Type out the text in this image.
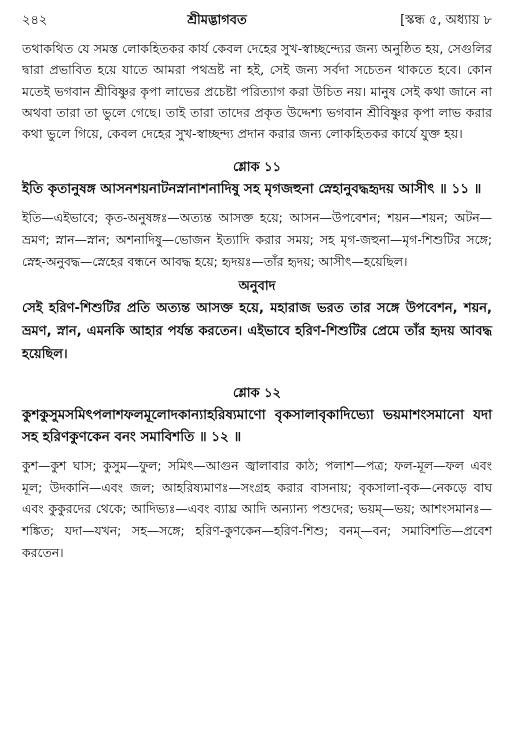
২৪২	শ্রীমদ্ভাগবত	[স্কন্ধ ৫, অধ্যায় ৮

তথাকথিত যে সমস্ত লোকহিতকর কার্য কেবল দেহের সুখ-স্বাচ্ছন্দ্যের জন্য অনুষ্ঠিত হয়, সেগুলির দ্বারা প্রভাবিত হয়ে যাতে আমরা পথভ্রষ্ট না হই, সেই জন্য সর্বদা সচেতন থাকতে হবে। কোন মতেই ভগবান শ্রীবিষ্ণুর কৃপা লাভের প্রচেষ্টা পরিত্যাগ করা উচিত নয়। মানুষ সেই কথা জানে না অথবা তারা তা ভুলে গেছে। তাই তারা তাদের প্রকৃত উদ্দেশ্য ভগবান শ্রীবিষ্ণুর কৃপা লাভ করার কথা ভুলে গিয়ে, কেবল দেহের সুখ-স্বাচ্ছন্দ্য প্রদান করার জন্য লোকহিতকর কার্যে যুক্ত হয়।

শ্লোক ১১

ইতি কৃতানুষঙ্গ আসনশয়নাটনস্নানাশনাদিষু সহ মৃগজহুনা স্নেহানুবদ্ধহৃদয় আসীৎ ॥ ১১ ॥

ইতি—এইভাবে; কৃত-অনুষঙ্গঃ—অত্যন্ত আসক্ত হয়ে; আসন—উপবেশন; শয়ন—শয়ন; অটন—ভ্রমণ; স্নান—স্নান; অশনাদিষু—ভোজন ইত্যাদি করার সময়; সহ মৃগ-জহুনা—মৃগ-শিশুটির সঙ্গে; স্নেহ-অনুবদ্ধ—স্নেহের বন্ধনে আবদ্ধ হয়ে; হৃদয়ঃ—তাঁর হৃদয়; আসীৎ—হয়েছিল।

অনুবাদ

সেই হরিণ-শিশুটির প্রতি অত্যন্ত আসক্ত হয়ে, মহারাজ ভরত তার সঙ্গে উপবেশন, শয়ন, ভ্রমণ, স্নান, এমনকি আহার পর্যন্ত করতেন। এইভাবে হরিণ-শিশুটির প্রেমে তাঁর হৃদয় আবদ্ধ হয়েছিল।

শ্লোক ১২

কুশকুসুমসমিৎপলাশফলমূলোদকান্যাহরিষ্যমাণো বৃকসালাবৃকাদিভ্যো ভয়মাশংসমানো যদা সহ হরিণকুণকেন বনং সমাবিশতি ॥ ১২ ॥

কুশ—কুশ ঘাস; কুসুম—ফুল; সমিৎ—আগুন জ্বালাবার কাঠ; পলাশ—পত্র; ফল-মূল—ফল এবং মূল; উদকানি—এবং জল; আহরিষ্যমাণঃ—সংগ্রহ করার বাসনায়; বৃকসালা-বৃক—নেকড়ে বাঘ এবং কুকুরদের থেকে; আদিভ্যঃ—এবং ব্যাঘ্র আদি অন্যান্য পশুদের; ভয়ম্—ভয়; আশংসমানঃ—শঙ্কিত; যদা—যখন; সহ—সঙ্গে; হরিণ-কুণকেন—হরিণ-শিশু; বনম্—বন; সমাবিশতি—প্রবেশ করতেন।
